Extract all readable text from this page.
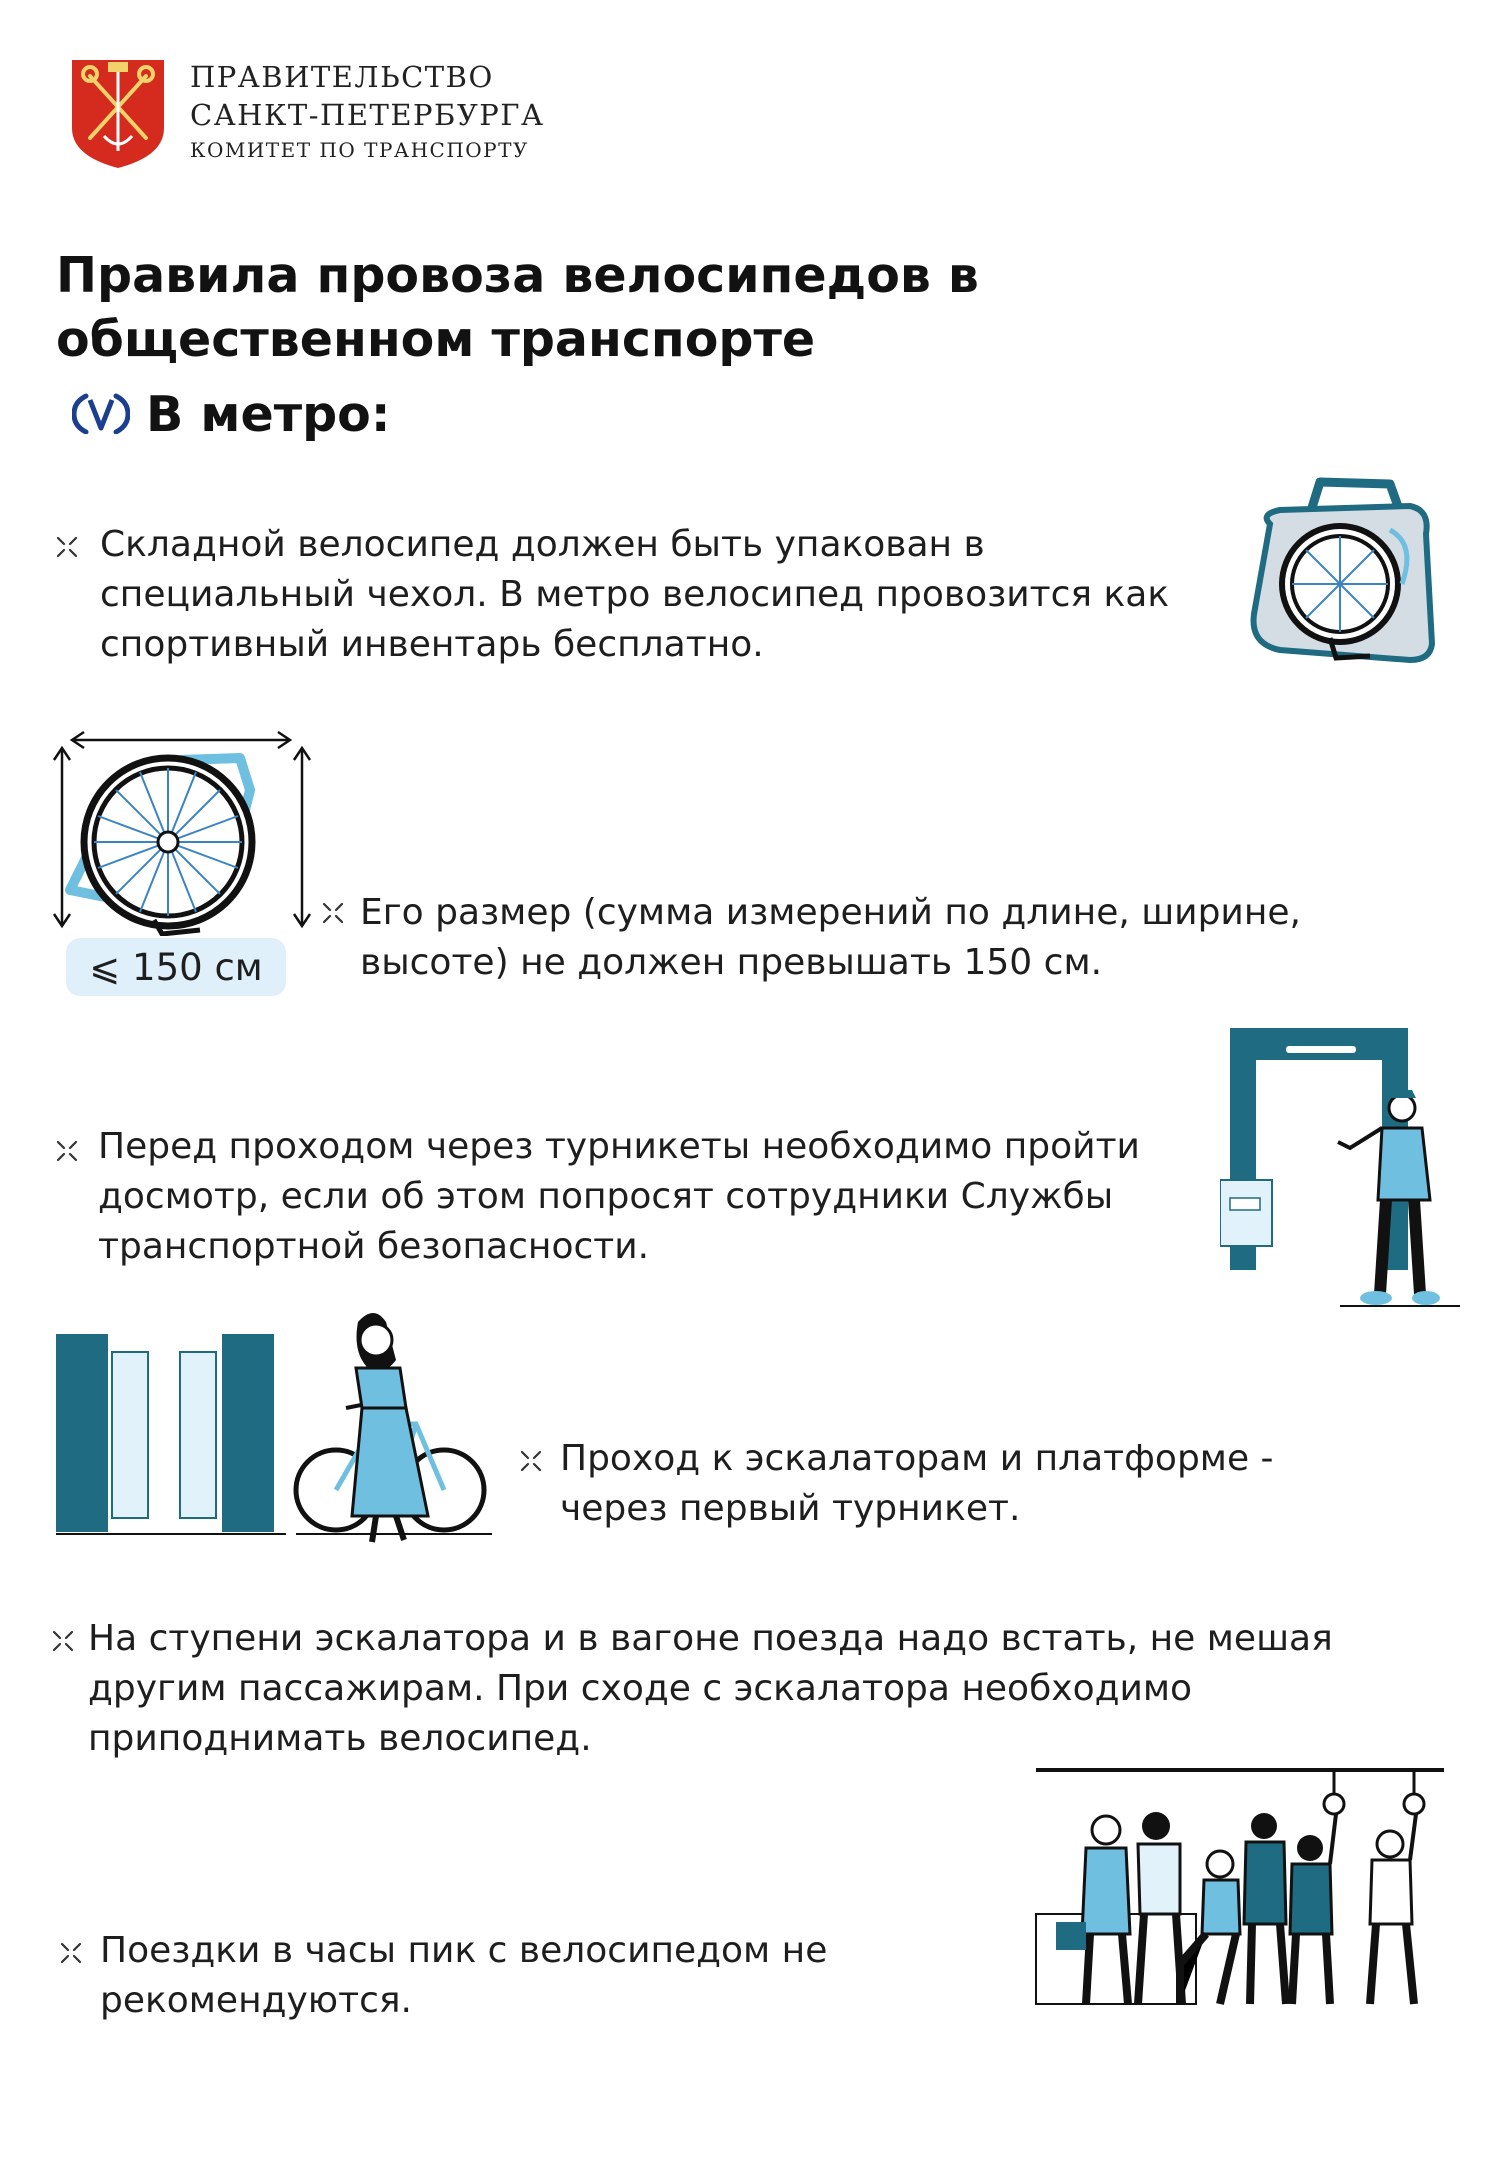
ПРАВИТЕЛЬСТВО
САНКТ-ПЕТЕРБУРГА
КОМИТЕТ ПО ТРАНСПОРТУ
Правила провоза велосипедов в общественном транспорте
В метро:
Складной велосипед должен быть упакован в специальный чехол. В метро велосипед провозится как спортивный инвентарь бесплатно.
⩽ 150 см
Его размер (сумма измерений по длине, ширине, высоте) не должен превышать 150 см.
Перед проходом через турникеты необходимо пройти досмотр, если об этом попросят сотрудники Службы транспортной безопасности.
Проход к эскалаторам и платформе - через первый турникет.
На ступени эскалатора и в вагоне поезда надо встать, не мешая другим пассажирам. При сходе с эскалатора необходимо приподнимать велосипед.
Поездки в часы пик с велосипедом не рекомендуются.
